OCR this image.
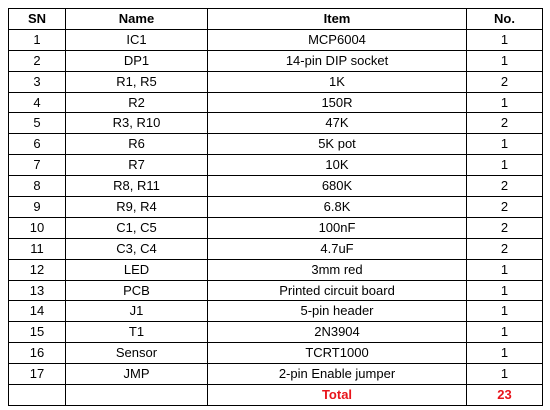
SN	Name	Item	No.
1	IC1	MCP6004	1
2	DP1	14-pin DIP socket	1
3	R1, R5	1K	2
4	R2	150R	1
5	R3, R10	47K	2
6	R6	5K pot	1
7	R7	10K	1
8	R8, R11	680K	2
9	R9, R4	6.8K	2
10	C1, C5	100nF	2
11	C3, C4	4.7uF	2
12	LED	3mm red	1
13	PCB	Printed circuit board	1
14	J1	5-pin header	1
15	T1	2N3904	1
16	Sensor	TCRT1000	1
17	JMP	2-pin Enable jumper	1
		Total	23
